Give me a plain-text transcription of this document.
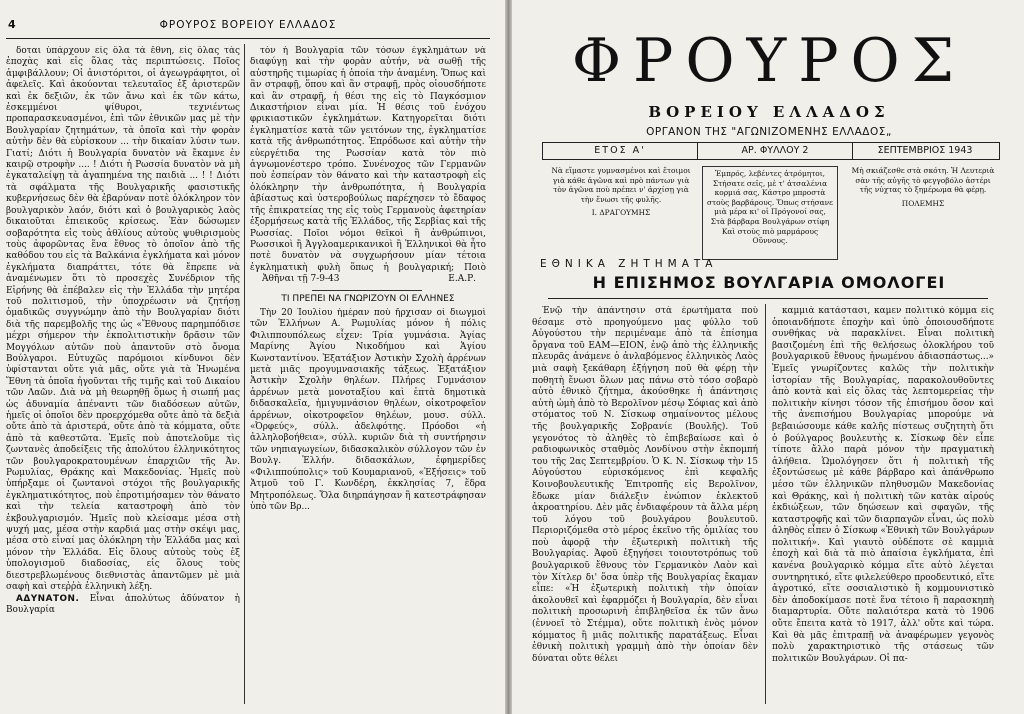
4	ΦΡΟΥΡΟΣ ΒΟΡΕΙΟΥ ΕΛΛΑΔΟΣ

δοται ὑπάρχουν εἰς ὅλα τὰ ἔθνη, εἰς ὅλας τὰς ἐποχὰς καὶ εἰς ὅλας τὰς περιπτώσεις. Ποῖος ἀμφιβάλλουν; Οἱ ἀνιστόριτοι, οἱ ἀγεωγράφητοι, οἱ ἀφελεῖς. Καὶ ἀκούονται τελευταῖος ἐξ ἀριστερῶν καὶ ἐκ δεξιῶν, ἐκ τῶν ἄνω καὶ ἐκ τῶν κάτω, ἐσκεμμένοι ψίθυροι, τεχνιέντως προπαρασκευασμένοι, ἐπὶ τῶν ἐθνικῶν μας μὲ τὴν Βουλγαρίαν ζητημάτων, τὰ ὁποῖα καὶ τὴν φορὰν αὐτὴν δὲν θὰ εὑρίσκουν ... τὴν δικαίαν λύσιν των. Γιατί; Διότι ἡ Βουλγαρία δυνατὸν νὰ ἔκαμνε ἐν καιρῷ στροφὴν .... ! Διότι ἡ Ρωσσία δυνατὸν νὰ μὴ ἐγκαταλείψῃ τὰ ἀγαπημένα της παιδιὰ ... ! ! Διότι τὰ σφάλματα τῆς Βουλγαρικῆς φασιστικῆς κυβερνήσεως δὲν θὰ ἐβαρύναν ποτὲ ὁλόκληρον τὸν βουλγαρικὸν λαόν, διότι καὶ ὁ βουλγαρικὸς λαὸς δικαιοῦται ἐπιεικοῦς κρίσεως. Ἐὰν δώσωμεν σοβαρότητα εἰς τοὺς ἀθλίους αὐτοὺς ψυθιρισμοὺς τοὺς ἀφορῶντας ἕνα ἔθνος τὸ ὁποῖον ἀπὸ τῆς καθόδου του εἰς τὰ Βαλκάνια ἐγκλήματα καὶ μόνον ἐγκλήματα διαπράττει, τότε θὰ ἔπρεπε νὰ ἀναμένωμεν ὅτι τὸ προσεχὲς Συνέδριον τῆς Εἰρήνης θὰ ἐπέβαλεν εἰς τὴν Ἑλλάδα τὴν μητέρα τοῦ πολιτισμοῦ, τὴν ὑποχρέωσιν νὰ ζητήσῃ ὁμαδικῶς συγγνώμην ἀπὸ τὴν Βουλγαρίαν διότι διὰ τῆς παρεμβολῆς της ὡς «Ἔθνους παρημπόδισε μέχρι σήμερον τὴν ἐκπολιτιστικὴν δρᾶσιν τῶν Μογγόλων αὐτῶν ποὺ ἀπαντοῦν στὸ ὄνομα Βούλγαροι. Εὐτυχῶς παρόμοιοι κίνδυνοι δὲν ὑφίστανται οὔτε γιὰ μᾶς, οὔτε γιὰ τὰ Ἡνωμένα Ἔθνη τὰ ὁποῖα ἠγοῦνται τῆς τιμῆς καὶ τοῦ Δικαίου τῶν Λαῶν. Διὰ νὰ μὴ θεωρηθῇ ὅμως ἡ σιωπή μας ὡς ἀδυναμία ἀπέναντι τῶν διαδόσεων αὐτῶν, ἡμεῖς οἱ ὁποῖοι δὲν προερχόμεθα οὔτε ἀπὸ τὰ δεξιὰ οὔτε ἀπὸ τὰ ἀριστερά, οὔτε ἀπὸ τὰ κόμματα, οὔτε ἀπὸ τὰ καθεστῶτα. Ἐμεῖς ποὺ ἀποτελοῦμε τὶς ζωντανὲς ἀποδείξεις τῆς ἀπολύτου ἐλληνικότητος τῶν βουλγαροκρατουμένων ἐπαρχιῶν τῆς Ἀν. Ρωμυλίας, Θράκης καὶ Μακεδονίας. Ἡμεῖς ποὺ ὑπήρξαμε οἱ ζωντανοὶ στόχοι τῆς βουλγαρικῆς ἐγκληματικότητος, ποὺ ἐπροτιμήσαμεν τὸν θάνατο καὶ τὴν τελεία καταστροφὴ ἀπὸ τὸν ἐκβουλγαρισμόν. Ἡμεῖς ποὺ κλείσαμε μέσα στὴ ψυχή μας, μέσα στὴν καρδιά μας στὴν σκέψι μας, μέσα στὸ εἶναί μας ὁλόκληρη τὴν Ἑλλάδα μας καὶ μόνον τὴν Ἑλλάδα. Εἰς ὅλους αὐτοὺς τοὺς ἐξ ὑπολογισμοῦ διαδοσίας, εἰς ὅλους τοὺς διεστρεβλωμένους διεθνιστὰς ἀπαντῶμεν μὲ μιὰ σαφὴ καὶ στεῤῥὰ ἑλληνικὴ λέξη.

ΑΔΥΝΑΤΟΝ. Εἶναι ἀπολύτως ἀδύνατον ἡ Βουλγαρία

τὸν ἡ Βουλγαρία τῶν τόσων ἐγκλημάτων νὰ διαφύγῃ καὶ τὴν φορὰν αὐτήν, νὰ σωθῇ τῆς αὐστηρῆς τιμωρίας ἡ ὁποία τὴν ἀναμένη. Ὅπως καὶ ἂν στραφῇ, ὅπου καὶ ἂν στραφῇ, πρὸς οἱουσδήποτε καὶ ἂν στραφῇ, ἡ θέσι της εἰς τὸ Παγκόσμιον Δικαστήριον εἶναι μία. Ἡ θέσις τοῦ ἐνόχου φρικιαστικῶν ἐγκλημάτων. Κατηγορεῖται διότι ἐγκληματίσε κατὰ τῶν γειτόνων της, ἐγκληματίσε κατὰ τῆς ἀνθρωπότητος. Ἐπρόδωσε καὶ αὐτὴν τὴν εὐεργέτιδα της Ρωσσίαν κατὰ τὸν πιὸ ἀγνωμονέστερο τρόπο. Συνένοχος τῶν Γερμανῶν ποὺ ἐσπείραν τὸν θάνατο καὶ τὴν καταστροφὴ εἰς ὁλόκληρην τὴν ἀνθρωπότητα, ἡ Βουλγαρία ἀβίαστως καὶ ὑστεροβούλως παρέχησεν τὸ ἔδαφος τῆς ἐπικρατείας της εἰς τοὺς Γερμανοὺς ἀφετηρίαν ἐξορμήσεως κατὰ τῆς Ἑλλάδος, τῆς Σερβίας καὶ τῆς Ρωσσίας. Ποῖοι νόμοι θεϊκοὶ ἢ ἀνθρώπινοι, Ρωσσικοὶ ἢ Ἀγγλοαμερικανικοὶ ἢ Ἑλληνικοὶ θὰ ἦτο ποτὲ δυνατὸν νὰ συγχωρήσουν μίαν τέτοια ἐγκληματικὴ φυλὴ ὅπως ἡ βουλγαρική; Ποιὸ

Ἀθῆναι τῇ 7-9-43	Ε.Α.Ρ.
ΤΙ ΠΡΕΠΕΙ ΝΑ ΓΝΩΡΙΖΟΥΝ ΟΙ ΕΛΛΗΝΕΣ

Τὴν 20 Ἰουλίου ἡμέραν ποὺ ἤρχισαν οἱ διωγμοὶ τῶν Ἑλλήνων Α. Ρωμυλίας μόνον ἡ πόλις Φιλιππουπόλεως εἶχεν: Τρία γυμνάσια. Ἁγίας Μαρίνης Ἁγίου Νικοδήμου καὶ Ἁγίου Κωνσταντίνου. Ἑξατάξιον Ἀστικὴν Σχολὴ ἀρρένων μετὰ μιᾶς προγυμνασιακῆς τάξεως. Ἑξατάξιον Ἀστικὴν Σχολὴν θηλέων. Πλήρες Γυμνάσιον ἀρρένων μετὰ μονοταξίου καὶ ἑπτὰ δημοτικὰ διδασκαλεῖα, ἡμιγυμνάσιον θηλέων, οἰκοτροφεῖον ἀρρένων, οἰκοτροφεῖον θηλέων, μουσ. σύλλ. «Ὀρφεύς», σύλλ. ἀδελφότης. Πρόοδοι «ἡ ἀλληλοβοήθεια», σύλλ. κυριῶν διὰ τὴ συντήρησιν τῶν νηπιαγωγείων, διδασκαλικὸν σύλλογον τῶν ἐν Βουλγ. Ἑλλήν. διδασκάλων, ἐφημερίδες «Φιλιππούπολις» τοῦ Κουμαριανοῦ, «Ἐξήσεις» τοῦ Ἀτμοῦ τοῦ Γ. Κωνδέρη, ἐκκλησίας 7, ἕδρα Μητροπόλεως. Ὅλα διηρπάγησαν ἢ κατεστράφησαν ὑπὸ τῶν Βρ...

ΦΡΟΥΡΟΣ
ΒΟΡΕΙΟΥ ΕΛΛΑΔΟΣ
ΟΡΓΑΝΟΝ ΤΗΣ "ΑΓΩΝΙΖΟΜΕΝΗΣ ΕΛΛΑΔΟΣ„
ΕΤΟΣ Α'	ΑΡ. ΦΥΛΛΟΥ 2	ΣΕΠΤΕΜΒΡΙΟΣ 1943
Νὰ εἴμαστε γυμνασμένοι καὶ ἕτοιμοι γιὰ κάθε ἀγῶνα καὶ πρὸ πάντων γιὰ τὸν ἀγῶνα ποὺ πρέπει ν' ἀρχίσῃ γιὰ τὴν ἕνωσι τῆς φυλῆς.
Ι. ΔΡΑΓΟΥΜΗΣ
Ἐμπρός, λεβέντες ἀτρόμητοι, Στήσατε σεῖς, μὲ τ' ἀτσαλένια κορμιά σας, Κάστρο μπροστὰ στοὺς βαρβάρους. Ὅπως στήσανε μιὰ μέρα κι' οἱ Πρόγονοί σας, Στὰ βάρβαρα Βουλγάρων στίφη Καὶ στοὺς πιὸ μαρμάρους Οὕννους.
Μὴ σκιάζεσθε στὰ σκότη. Ἡ Λευτεριὰ σὰν τῆς αὐγῆς τὸ φεγγοβόλο ἀστέρι τῆς νύχτας τὸ ξημέρωμα θὰ φέρῃ.
ΠΟΛΕΜΗΣ
ΕΘΝΙΚΑ ΖΗΤΗΜΑΤΑ
Η ΕΠΙΣΗΜΟΣ ΒΟΥΛΓΑΡΙΑ ΟΜΟΛΟΓΕΙ

Ἐνῷ τὴν ἀπάντησιν στὰ ἐρωτήματα ποὺ θέσαμε στὸ προηγούμενο μας φύλλο τοῦ Αὐγούστου τὴν περιμέναμε ἀπὸ τὰ ἐπίσημα ὄργανα τοῦ ΕΑΜ—ΕΙΟΝ, ἐνῷ ἀπὸ τὴς ἑλληνικῆς πλευρᾶς ἀνάμενε ὁ ἀνλαβόμενος ἑλληνικὸς Λαὸς μιὰ σαφὴ ξεκάθαρη ἐξήγηση ποῦ θὰ φέρῃ τὴν ποθητὴ ἕνωσι ὅλων μας πάνω στὸ τόσο σοβαρὸ αὐτὸ ἐθνικὸ ζήτημα, ἀκούσθηκε ἡ ἀπάντησις αὐτὴ ὠμὴ ἀπὸ τὸ Βερολῖνον μέσῳ Σόφιας καὶ ἀπὸ στόματος τοῦ Ν. Σίσκωφ σημαίνοντος μέλους τῆς βουλγαρικῆς Σοβρανίε (Βουλῆς). Τοῦ γεγονότος τὸ ἀληθὲς τὸ ἐπιβεβαίωσε καὶ ὁ ραδιοφωνικὸς σταθμὸς Λονδίνου στὴν ἐκπομπή του τῆς 2ας Σεπτεμβρίου. Ὁ Κ. Ν. Σίσκωφ τὴν 15 Αὐγούστου εὑρισκόμενος ἐπὶ κεφαλῆς Κοινοβουλευτικῆς Ἐπιτροπῆς εἰς Βερολῖνον, ἔδωκε μίαν διάλεξιν ἐνώπιον ἐκλεκτοῦ ἀκροατηρίου. Δὲν μᾶς ἐνδιαφέρουν τὰ ἄλλα μέρη τοῦ λόγου τοῦ βουλγάρου βουλευτοῦ. Περιοριζόμεθα στὸ μέρος ἐκεῖνο τῆς ὁμιλίας του ποὺ ἀφορᾷ τὴν ἐξωτερικὴ πολιτικὴ τῆς Βουλγαρίας. Ἀφοῦ ἐξηγήσει τοιουτοτρόπως τοῦ βουλγαρικοῦ ἔθνους τὸν Γερμανικὸν Λαὸν καὶ τὸν Χίτλερ δι' ὅσα ὑπὲρ τῆς Βουλγαρίας ἔκαμαν εἶπε: «Ἡ ἐξωτερικὴ πολιτικὴ τὴν ὁποίαν ἀκολουθεῖ καὶ ἐφαρμόζει ἡ Βουλγαρία, δὲν εἶναι πολιτικὴ προσωρινὴ ἐπιβληθεῖσα ἐκ τῶν ἄνω (ἐννοεῖ τὸ Στέμμα), οὔτε πολιτικὴ ἑνὸς μόνον κόμματος ἢ μιᾶς πολιτικῆς παρατάξεως. Εἶναι ἐθνικὴ πολιτικὴ γραμμὴ ἀπὸ τὴν ὁποίαν δὲν δύναται οὔτε θέλει

καμμιὰ κατάστασι, καμεν πολιτικὸ κόμμα εἰς ὁποιανδήποτε ἐποχὴν καὶ ὑπὸ ὁποιουσδήποτε συνθήκας νὰ παρακλίνει. Εἶναι πολιτικὴ βασιζομένη ἐπὶ τῆς θελήσεως ὁλοκλήρου τοῦ βουλγαρικοῦ ἔθνους ἡνωμένου ἀδιασπάστως...» Ἐμεῖς γνωρίζοντες καλῶς τὴν πολιτικὴν ἱστορίαν τῆς Βουλγαρίας, παρακολουθοῦντες ἀπὸ κοντὰ καὶ εἰς ὅλας τὰς λεπτομερείας τὴν πολιτικὴν κίνησι τόσον τῆς ἐπισήμου ὅσον καὶ τῆς ἀνεπισήμου Βουλγαρίας μπορούμε νὰ βεβαιώσουμε κάθε καλῆς πίστεως συζητητὴ ὅτι ὁ βούλγαρος βουλευτὴς κ. Σίσκωφ δὲν εἶπε τίποτε ἄλλο παρὰ μόνον τὴν πραγματικὴ ἀλήθεια. Ὡμολόγησεν ὅτι ἡ πολιτικὴ τῆς ἐξοντώσεως μὲ κάθε βάρβαρο καὶ ἀπάνθρωπο μέσο τῶν ἑλληνικῶν πληθυσμῶν Μακεδονίας καὶ Θράκης, καὶ ἡ πολιτικὴ τῶν κατὰκ αἱρούς ἐκδιώξεων, τῶν δηώσεων καὶ σφαγῶν, τῆς καταστροφῆς καὶ τῶν διαρπαγῶν εἶναι, ὡς πολὺ ἀληθὸς εἶπεν ὁ Σίσκωφ «Ἐθνικὴ τῶν Βουλγάρων πολιτική». Καὶ γιαυτὸ οὐδέποτε σὲ καμμιὰ ἐποχὴ καὶ διὰ τὰ πιὸ ἀπαίσια ἐγκλήματα, ἐπὶ κανένα βουλγαρικὸ κόμμα εἴτε αὐτὸ λέγεται συντηρητικό, εἴτε φιλελεύθερο προοδευτικό, εἴτε ἀγροτικό, εἴτε σοσιαλιστικὸ ἢ κομμουνιστικὸ δὲν ἀποδοκίμασε ποτὲ ἕνα τέτοιο ἢ παρασκηπὴ διαμαρτυρία. Οὔτε παλαιότερα κατὰ τὸ 1906 οὔτε ἔπειτα κατὰ τὸ 1917, ἀλλ' οὔτε καὶ τώρα. Καὶ θὰ μᾶς ἐπιτραπῇ νὰ ἀναφέρωμεν γεγονὸς πολὺ χαρακτηριστικὸ τῆς στάσεως τῶν πολιτικῶν Βουλγάρων. Οἱ πα-
